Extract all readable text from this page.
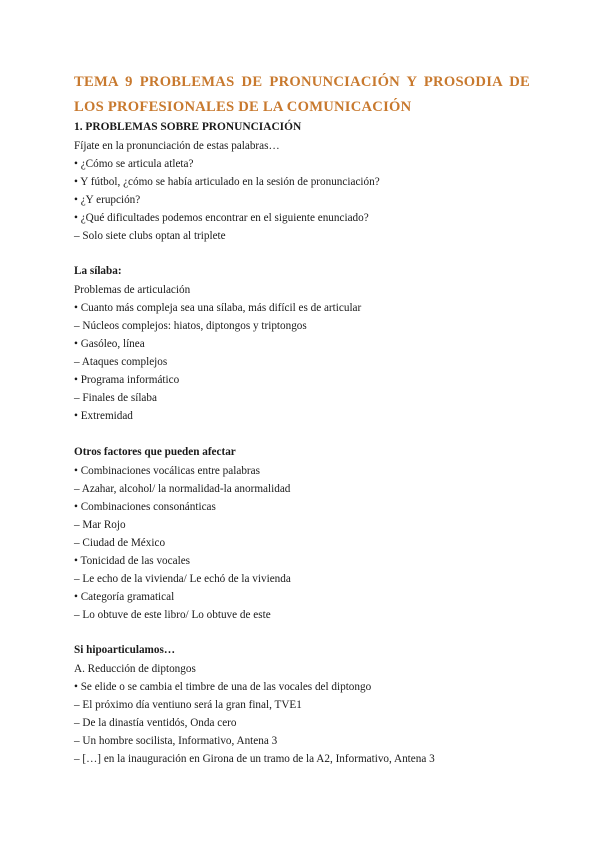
TEMA 9 PROBLEMAS DE PRONUNCIACIÓN Y PROSODIA DE LOS PROFESIONALES DE LA COMUNICACIÓN
1. PROBLEMAS SOBRE PRONUNCIACIÓN
Fíjate en la pronunciación de estas palabras…
• ¿Cómo se articula atleta?
• Y fútbol, ¿cómo se había articulado en la sesión de pronunciación?
• ¿Y erupción?
• ¿Qué dificultades podemos encontrar en el siguiente enunciado?
– Solo siete clubs optan al triplete
La sílaba:
Problemas de articulación
• Cuanto más compleja sea una sílaba, más difícil es de articular
– Núcleos complejos: hiatos, diptongos y triptongos
• Gasóleo, línea
– Ataques complejos
• Programa informático
– Finales de sílaba
• Extremidad
Otros factores que pueden afectar
• Combinaciones vocálicas entre palabras
– Azahar, alcohol/ la normalidad-la anormalidad
• Combinaciones consonánticas
– Mar Rojo
– Ciudad de México
• Tonicidad de las vocales
– Le echo de la vivienda/ Le echó de la vivienda
• Categoría gramatical
– Lo obtuve de este libro/ Lo obtuve de este
Si hipoarticulamos…
A. Reducción de diptongos
• Se elide o se cambia el timbre de una de las vocales del diptongo
– El próximo día ventiuno será la gran final, TVE1
– De la dinastía ventidós, Onda cero
– Un hombre socilista, Informativo, Antena 3
– […] en la inauguración en Girona de un tramo de la A2, Informativo, Antena 3
